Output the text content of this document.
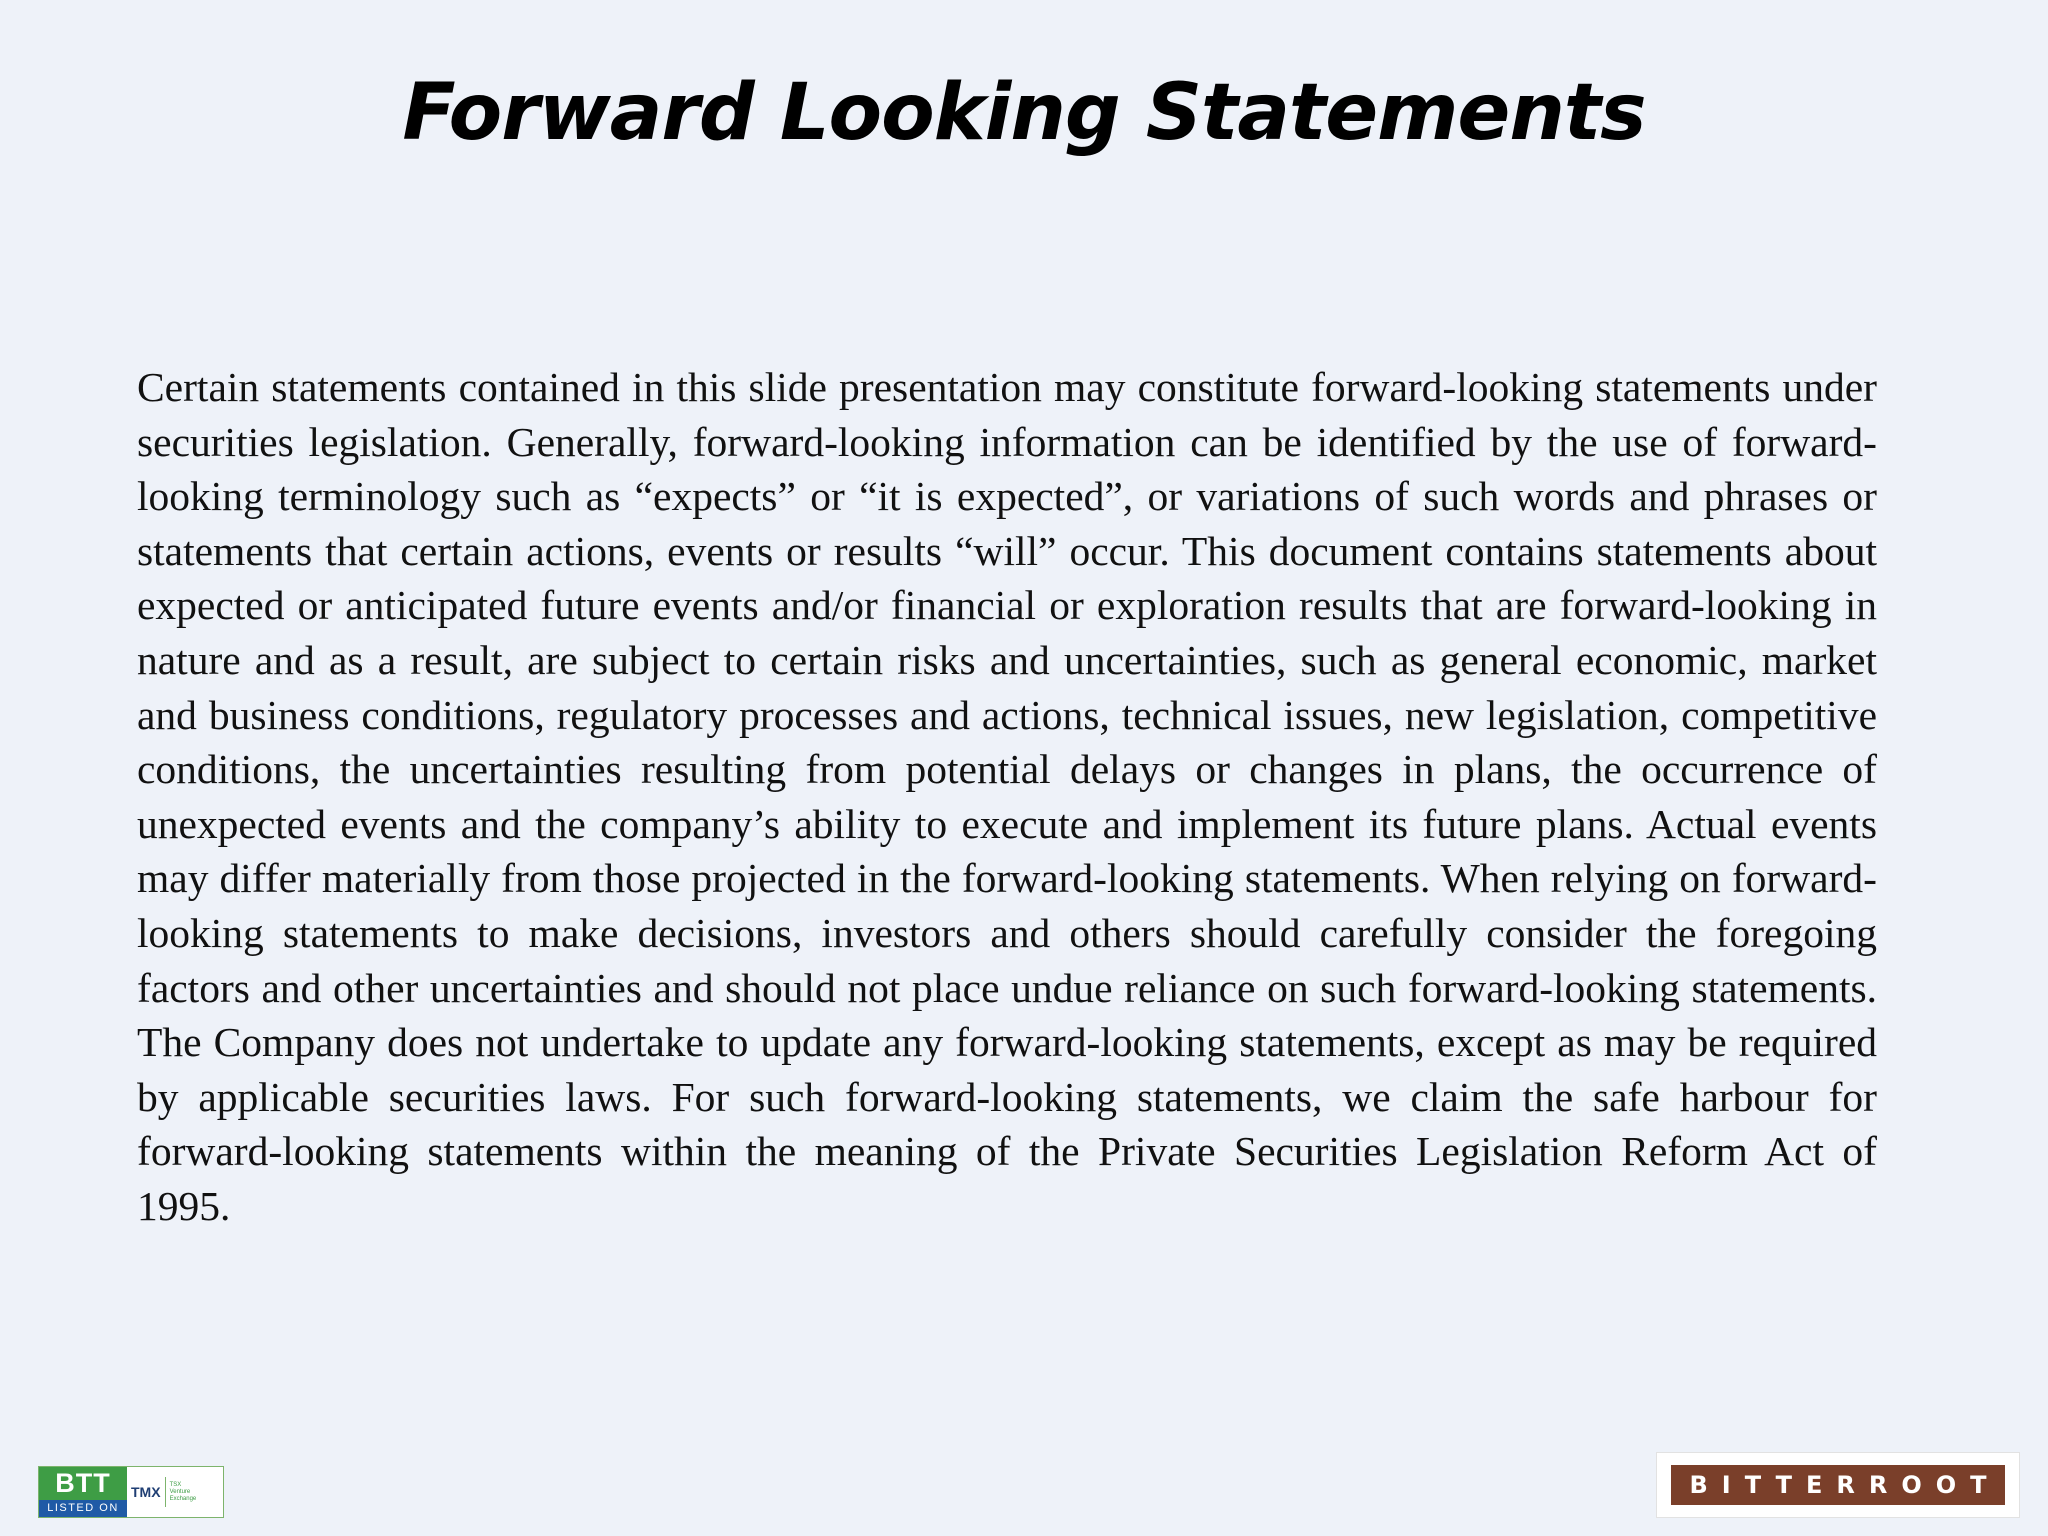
Forward Looking Statements

Certain statements contained in this slide presentation may constitute forward-looking statements under securities legislation. Generally, forward-looking information can be identified by the use of forward-looking terminology such as “expects” or “it is expected”, or variations of such words and phrases or statements that certain actions, events or results “will” occur. This document contains statements about expected or anticipated future events and/or financial or exploration results that are forward-looking in nature and as a result, are subject to certain risks and uncertainties, such as general economic, market and business conditions, regulatory processes and actions, technical issues, new legislation, competitive conditions, the uncertainties resulting from potential delays or changes in plans, the occurrence of unexpected events and the company’s ability to execute and implement its future plans. Actual events may differ materially from those projected in the forward-looking statements. When relying on forward-looking statements to make decisions, investors and others should carefully consider the foregoing factors and other uncertainties and should not place undue reliance on such forward-looking statements. The Company does not undertake to update any forward-looking statements, except as may be required by applicable securities laws. For such forward-looking statements, we claim the safe harbour for forward-looking statements within the meaning of the Private Securities Legislation Reform Act of 1995.

BTT
LISTED ON
TMX TSX Venture Exchange	BITTERROOT
